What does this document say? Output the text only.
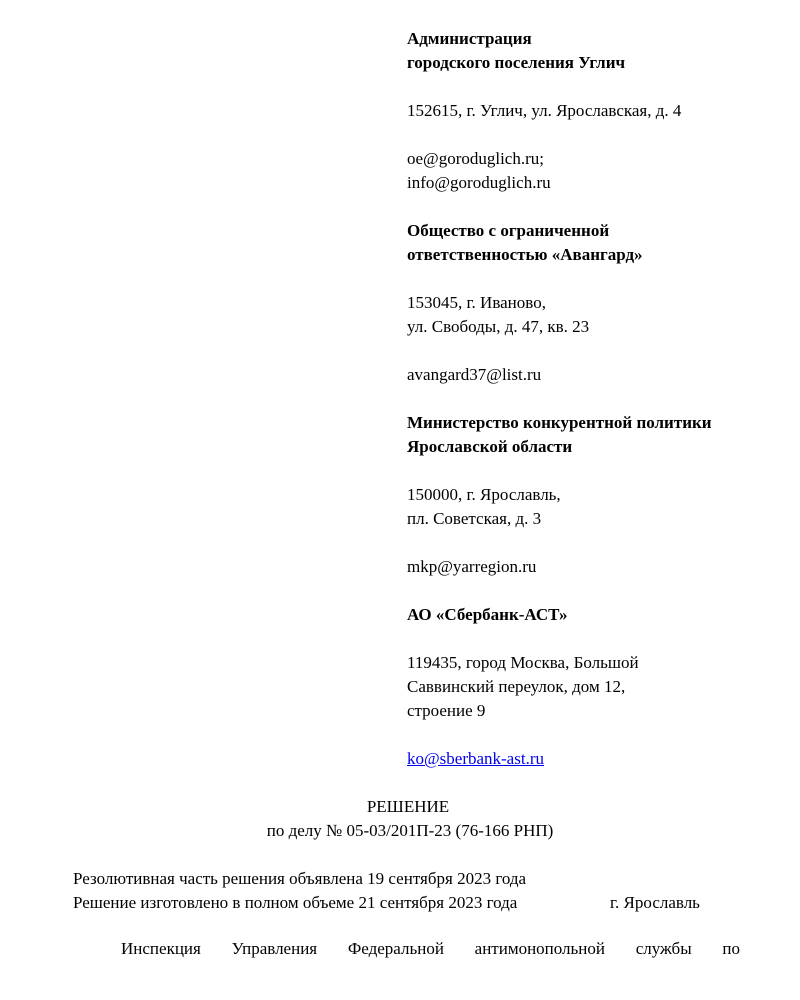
Администрация
городского поселения Углич
152615, г. Углич, ул. Ярославская, д. 4
oe@goroduglich.ru;
info@goroduglich.ru
Общество с ограниченной
ответственностью «Авангард»
153045, г. Иваново,
ул. Свободы, д. 47, кв. 23
avangard37@list.ru
Министерство конкурентной политики
Ярославской области
150000, г. Ярославль,
пл. Советская, д. 3
mkp@yarregion.ru
АО «Сбербанк-АСТ»
119435, город Москва, Большой
Саввинский переулок, дом 12,
строение 9
ko@sberbank-ast.ru
РЕШЕНИЕ
по делу № 05-03/201П-23 (76-166 РНП)
Резолютивная часть решения объявлена 19 сентября 2023 года
Решение изготовлено в полном объеме 21 сентября 2023 года	г. Ярославль
Инспекция Управления Федеральной антимонопольной службы по
